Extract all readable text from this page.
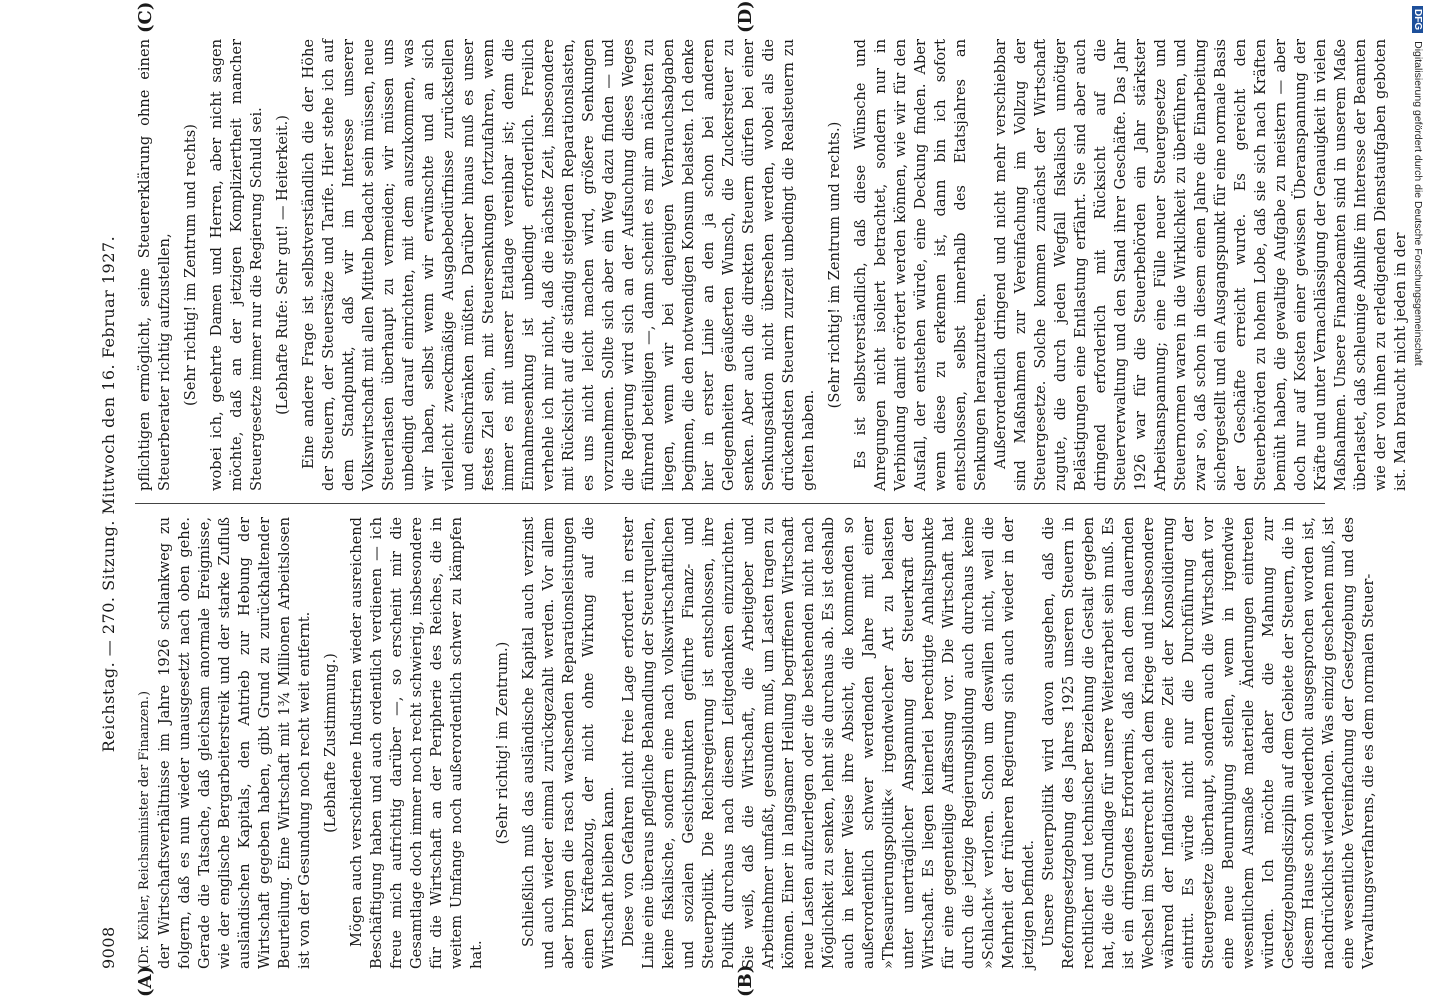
9008
Reichstag. — 270. Sitzung. Mittwoch den 16. Februar 1927.

(Dr. Köhler, Reichsminister der Finanzen.) der Wirtschaftsverhältnisse im Jahre 1926 schlankweg zu folgern, daß es nun wieder unausgesetzt nach oben gehe. Gerade die Tatsache, daß gleichsam anormale Ereignisse, wie der englische Bergarbeiterstreik und der starke Zufluß ausländischen Kapitals, den Antrieb zur Hebung der Wirtschaft gegeben haben, gibt Grund zu zurückhaltender Beurteilung. Eine Wirtschaft mit 1¾ Millionen Arbeitslosen ist von der Gesundung noch recht weit entfernt. (Lebhafte Zustimmung.) Mögen auch verschiedene Industrien wieder ausreichend Beschäftigung haben und auch ordentlich verdienen — ich freue mich aufrichtig darüber —, so erscheint mir die Gesamtlage doch immer noch recht schwierig, insbesondere für die Wirtschaft an der Peripherie des Reiches, die in weitem Umfange noch außerordentlich schwer zu kämpfen hat.

(Sehr richtig! im Zentrum.) Schließlich muß das ausländische Kapital auch verzinst und auch wieder einmal zurückgezahlt werden. Vor allem aber bringen die rasch wachsenden Reparationsleistungen einen Kräfteabzug, der nicht ohne Wirkung auf die Wirtschaft bleiben kann. Diese von Gefahren nicht freie Lage erfordert in erster Linie eine überaus pflegliche Behandlung der Steuerquellen, keine fiskalische, sondern eine nach volkswirtschaftlichen und sozialen Gesichtspunkten geführte Finanz- und Steuerpolitik. Die Reichsregierung ist entschlossen, ihre Politik durchaus nach diesem Leitgedanken einzurichten. Sie weiß, daß die Wirtschaft, die Arbeitgeber und Arbeitnehmer umfaßt, gesundem muß, um Lasten tragen zu können. Einer in langsamer Heilung begriffenen Wirtschaft neue Lasten aufzuerlegen oder die bestehenden nicht nach Möglichkeit zu senken, lehnt sie durchaus ab. Es ist deshalb auch in keiner Weise ihre Absicht, die kommenden so außerordentlich schwer werdenden Jahre mit einer »Thesaurierungspolitik« irgendwelcher Art zu belasten unter unerträglicher Anspannung der Steuerkraft der Wirtschaft. Es liegen keinerlei berechtigte Anhaltspunkte für eine gegenteilige Auffassung vor. Die Wirtschaft hat durch die jetzige Regierungsbildung auch durchaus keine »Schlacht« verloren. Schon um deswillen nicht, weil die Mehrheit der früheren Regierung sich auch wieder in der jetzigen befindet. Unsere Steuerpolitik wird davon ausgehen, daß die Reformgesetzgebung des Jahres 1925 unseren Steuern in rechtlicher und technischer Beziehung die Gestalt gegeben hat, die die Grundlage für unsere Weiterarbeit sein muß. Es ist ein dringendes Erfordernis, daß nach dem dauernden Wechsel im Steuerrecht nach dem Kriege und insbesondere während der Inflationszeit eine Zeit der Konsolidierung eintritt. Es würde nicht nur die Durchführung der Steuergesetze überhaupt, sondern auch die Wirtschaft vor eine neue Beunruhigung stellen, wenn in irgendwie wesentlichem Ausmaße materielle Änderungen eintreten würden. Ich möchte daher die Mahnung zur Gesetzgebungsdisziplin auf dem Gebiete der Steuern, die in diesem Hause schon wiederholt ausgesprochen worden ist, nachdrücklichst wiederholen. Was einzig geschehen muß, ist eine wesentliche Vereinfachung der Gesetzgebung und des Verwaltungsverfahrens, die es dem normalen Steuer-

pflichtigen ermöglicht, seine Steuererklärung ohne einen Steuerberater richtig aufzustellen, (Sehr richtig! im Zentrum und rechts) wobei ich, geehrte Damen und Herren, aber nicht sagen möchte, daß an der jetzigen Kompliziertheit mancher Steuergesetze immer nur die Regierung Schuld sei. (Lebhafte Rufe: Sehr gut! — Heiterkeit.) Eine andere Frage ist selbstverständlich die der Höhe der Steuern, der Steuersätze und Tarife. Hier stehe ich auf dem Standpunkt, daß wir im Interesse unserer Volkswirtschaft mit allen Mitteln bedacht sein müssen, neue Steuerlasten überhaupt zu vermeiden; wir müssen uns unbedingt darauf einrichten, mit dem auszukommen, was wir haben, selbst wenn wir erwünschte und an sich vielleicht zweckmäßige Ausgabebedürfnisse zurückstellen und einschränken müßten. Darüber hinaus muß es unser festes Ziel sein, mit Steuersenkungen fortzufahren, wenn immer es mit unserer Etatlage vereinbar ist; denn die Einnahmesenkung ist unbedingt erforderlich. Freilich verhehle ich mir nicht, daß die nächste Zeit, insbesondere mit Rücksicht auf die ständig steigenden Reparationslasten, es uns nicht leicht machen wird, größere Senkungen vorzunehmen. Sollte sich aber ein Weg dazu finden — und die Regierung wird sich an der Aufsuchung dieses Weges führend beteiligen —, dann scheint es mir am nächsten zu liegen, wenn wir bei denjenigen Verbrauchsabgaben beginnen, die den notwendigen Konsum belasten. Ich denke hier in erster Linie an den ja schon bei anderen Gelegenheiten geäußerten Wunsch, die Zuckersteuer zu senken. Aber auch die direkten Steuern dürfen bei einer Senkungsaktion nicht übersehen werden, wobei als die drückendsten Steuern zurzeit unbedingt die Realsteuern zu gelten haben.

(Sehr richtig! im Zentrum und rechts.) Es ist selbstverständlich, daß diese Wünsche und Anregungen nicht isoliert betrachtet, sondern nur in Verbindung damit erörtert werden können, wie wir für den Ausfall, der entstehen würde, eine Deckung finden. Aber wenn diese zu erkennen ist, dann bin ich sofort entschlossen, selbst innerhalb des Etatsjahres an Senkungen heranzutreten. Außerordentlich dringend und nicht mehr verschiebbar sind Maßnahmen zur Vereinfachung im Vollzug der Steuergesetze. Solche kommen zunächst der Wirtschaft zugute, die durch jeden Wegfall fiskalisch unnötiger Belästigungen eine Entlastung erfährt. Sie sind aber auch dringend erforderlich mit Rücksicht auf die Steuerverwaltung und den Stand ihrer Geschäfte. Das Jahr 1926 war für die Steuerbehörden ein Jahr stärkster Arbeitsanspannung; eine Fülle neuer Steuergesetze und Steuernormen waren in die Wirklichkeit zu überführen, und zwar so, daß schon in diesem einen Jahre die Einarbeitung sichergestellt und ein Ausgangspunkt für eine normale Basis der Geschäfte erreicht wurde. Es gereicht den Steuerbehörden zu hohem Lobe, daß sie sich nach Kräften bemüht haben, die gewaltige Aufgabe zu meistern — aber doch nur auf Kosten einer gewissen Überanspannung der Kräfte und unter Vernachlässigung der Genauigkeit in vielen Maßnahmen. Unsere Finanzbeamten sind in unserem Maße überlastet, daß schleunige Abhilfe im Interesse der Beamten wie der von ihnen zu erledigenden Dienstaufgaben geboten ist. Man braucht nicht jeden in der

(A)	(B)
(C)	(D)	DFGDigitalisierung gefördert durch die Deutsche Forschungsgemeinschaft
